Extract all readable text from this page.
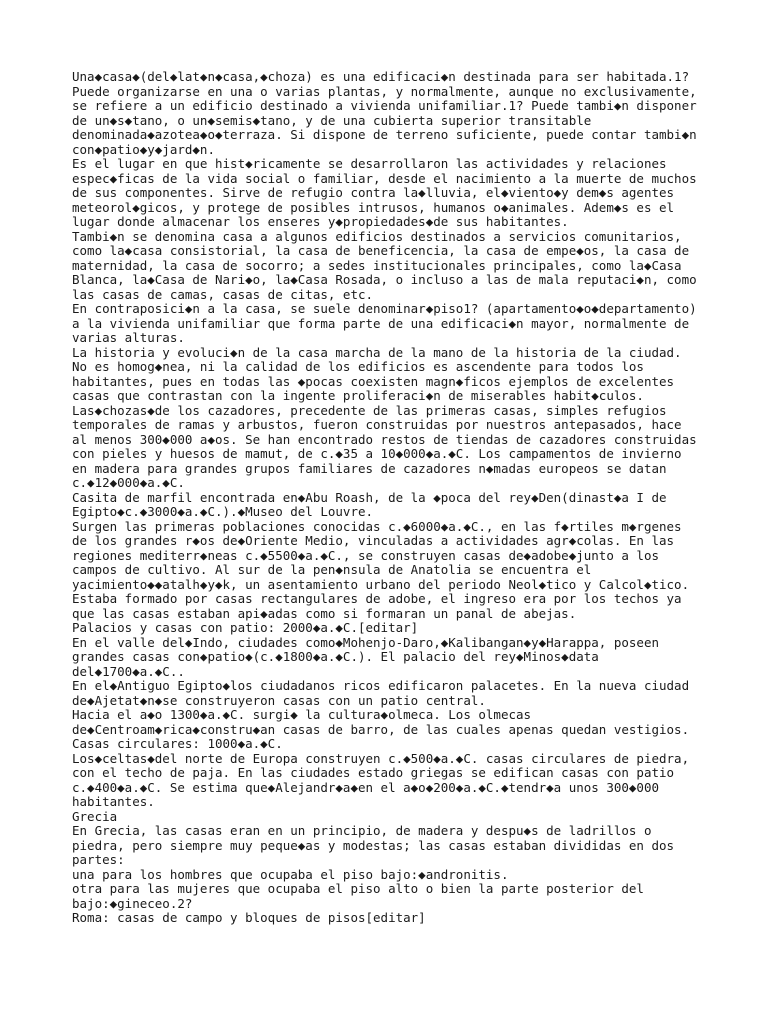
Una◆casa◆(del◆lat◆n◆casa,◆choza) es una edificaci◆n destinada para ser habitada.1?
Puede organizarse en una o varias plantas, y normalmente, aunque no exclusivamente,
se refiere a un edificio destinado a vivienda unifamiliar.1? Puede tambi◆n disponer
de un◆s◆tano, o un◆semis◆tano, y de una cubierta superior transitable
denominada◆azotea◆o◆terraza. Si dispone de terreno suficiente, puede contar tambi◆n
con◆patio◆y◆jard◆n.
Es el lugar en que hist◆ricamente se desarrollaron las actividades y relaciones
espec◆ficas de la vida social o familiar, desde el nacimiento a la muerte de muchos
de sus componentes. Sirve de refugio contra la◆lluvia, el◆viento◆y dem◆s agentes
meteorol◆gicos, y protege de posibles intrusos, humanos o◆animales. Adem◆s es el
lugar donde almacenar los enseres y◆propiedades◆de sus habitantes.
Tambi◆n se denomina casa a algunos edificios destinados a servicios comunitarios,
como la◆casa consistorial, la casa de beneficencia, la casa de empe◆os, la casa de
maternidad, la casa de socorro; a sedes institucionales principales, como la◆Casa
Blanca, la◆Casa de Nari◆o, la◆Casa Rosada, o incluso a las de mala reputaci◆n, como
las casas de camas, casas de citas, etc.
En contraposici◆n a la casa, se suele denominar◆piso1? (apartamento◆o◆departamento)
a la vivienda unifamiliar que forma parte de una edificaci◆n mayor, normalmente de
varias alturas.
La historia y evoluci◆n de la casa marcha de la mano de la historia de la ciudad.
No es homog◆nea, ni la calidad de los edificios es ascendente para todos los
habitantes, pues en todas las ◆pocas coexisten magn◆ficos ejemplos de excelentes
casas que contrastan con la ingente proliferaci◆n de miserables habit◆culos.
Las◆chozas◆de los cazadores, precedente de las primeras casas, simples refugios
temporales de ramas y arbustos, fueron construidas por nuestros antepasados, hace
al menos 300◆000 a◆os. Se han encontrado restos de tiendas de cazadores construidas
con pieles y huesos de mamut, de c.◆35 a 10◆000◆a.◆C. Los campamentos de invierno
en madera para grandes grupos familiares de cazadores n◆madas europeos se datan
c.◆12◆000◆a.◆C.
Casita de marfil encontrada en◆Abu Roash, de la ◆poca del rey◆Den(dinast◆a I de
Egipto◆c.◆3000◆a.◆C.).◆Museo del Louvre.
Surgen las primeras poblaciones conocidas c.◆6000◆a.◆C., en las f◆rtiles m◆rgenes
de los grandes r◆os de◆Oriente Medio, vinculadas a actividades agr◆colas. En las
regiones mediterr◆neas c.◆5500◆a.◆C., se construyen casas de◆adobe◆junto a los
campos de cultivo. Al sur de la pen◆nsula de Anatolia se encuentra el
yacimiento◆◆atalh◆y◆k, un asentamiento urbano del periodo Neol◆tico y Calcol◆tico.
Estaba formado por casas rectangulares de adobe, el ingreso era por los techos ya
que las casas estaban api◆adas como si formaran un panal de abejas.
Palacios y casas con patio: 2000◆a.◆C.[editar]
En el valle del◆Indo, ciudades como◆Mohenjo-Daro,◆Kalibangan◆y◆Harappa, poseen
grandes casas con◆patio◆(c.◆1800◆a.◆C.). El palacio del rey◆Minos◆data
del◆1700◆a.◆C..
En el◆Antiguo Egipto◆los ciudadanos ricos edificaron palacetes. En la nueva ciudad
de◆Ajetat◆n◆se construyeron casas con un patio central.
Hacia el a◆o 1300◆a.◆C. surgi◆ la cultura◆olmeca. Los olmecas
de◆Centroam◆rica◆constru◆an casas de barro, de las cuales apenas quedan vestigios.
Casas circulares: 1000◆a.◆C.
Los◆celtas◆del norte de Europa construyen c.◆500◆a.◆C. casas circulares de piedra,
con el techo de paja. En las ciudades estado griegas se edifican casas con patio
c.◆400◆a.◆C. Se estima que◆Alejandr◆a◆en el a◆o◆200◆a.◆C.◆tendr◆a unos 300◆000
habitantes.
Grecia
En Grecia, las casas eran en un principio, de madera y despu◆s de ladrillos o
piedra, pero siempre muy peque◆as y modestas; las casas estaban divididas en dos
partes:
una para los hombres que ocupaba el piso bajo:◆andronitis.
otra para las mujeres que ocupaba el piso alto o bien la parte posterior del
bajo:◆gineceo.2?
Roma: casas de campo y bloques de pisos[editar]
